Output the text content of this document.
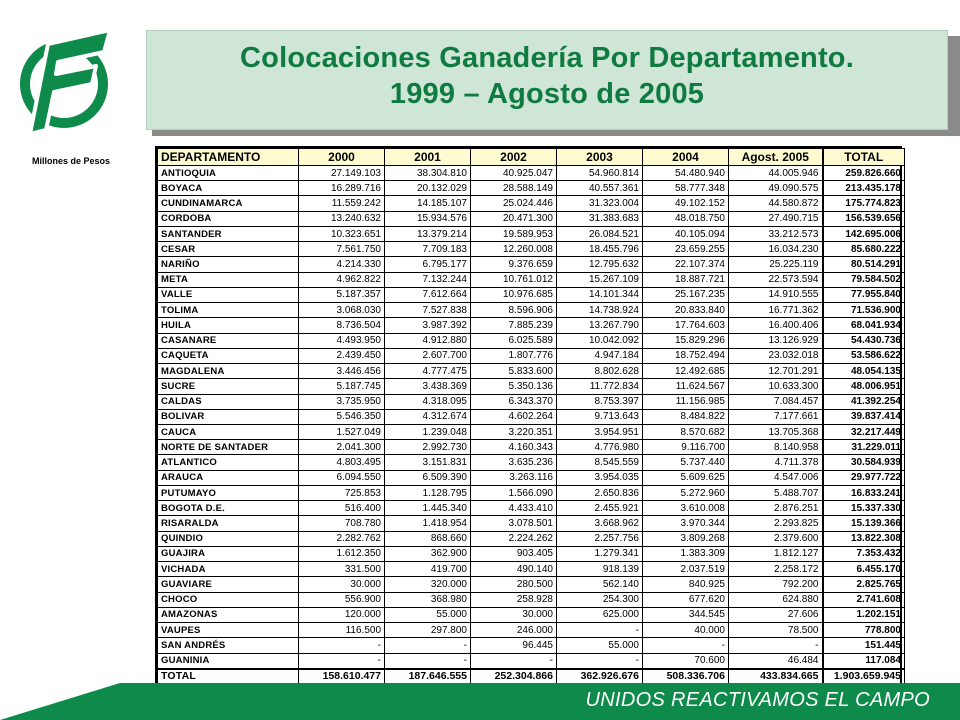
Millones de Pesos
Colocaciones Ganadería Por Departamento.
1999 – Agosto de 2005
DEPARTAMENTO	2000	2001	2002	2003	2004	Agost. 2005	TOTAL
ANTIOQUIA	27.149.103	38.304.810	40.925.047	54.960.814	54.480.940	44.005.946	259.826.660
BOYACA	16.289.716	20.132.029	28.588.149	40.557.361	58.777.348	49.090.575	213.435.178
CUNDINAMARCA	11.559.242	14.185.107	25.024.446	31.323.004	49.102.152	44.580.872	175.774.823
CORDOBA	13.240.632	15.934.576	20.471.300	31.383.683	48.018.750	27.490.715	156.539.656
SANTANDER	10.323.651	13.379.214	19.589.953	26.084.521	40.105.094	33.212.573	142.695.006
CESAR	7.561.750	7.709.183	12.260.008	18.455.796	23.659.255	16.034.230	85.680.222
NARIÑO	4.214.330	6.795.177	9.376.659	12.795.632	22.107.374	25.225.119	80.514.291
META	4.962.822	7.132.244	10.761.012	15.267.109	18.887.721	22.573.594	79.584.502
VALLE	5.187.357	7.612.664	10.976.685	14.101.344	25.167.235	14.910.555	77.955.840
TOLIMA	3.068.030	7.527.838	8.596.906	14.738.924	20.833.840	16.771.362	71.536.900
HUILA	8.736.504	3.987.392	7.885.239	13.267.790	17.764.603	16.400.406	68.041.934
CASANARE	4.493.950	4.912.880	6.025.589	10.042.092	15.829.296	13.126.929	54.430.736
CAQUETA	2.439.450	2.607.700	1.807.776	4.947.184	18.752.494	23.032.018	53.586.622
MAGDALENA	3.446.456	4.777.475	5.833.600	8.802.628	12.492.685	12.701.291	48.054.135
SUCRE	5.187.745	3.438.369	5.350.136	11.772.834	11.624.567	10.633.300	48.006.951
CALDAS	3.735.950	4.318.095	6.343.370	8.753.397	11.156.985	7.084.457	41.392.254
BOLIVAR	5.546.350	4.312.674	4.602.264	9.713.643	8.484.822	7.177.661	39.837.414
CAUCA	1.527.049	1.239.048	3.220.351	3.954.951	8.570.682	13.705.368	32.217.449
NORTE DE SANTADER	2.041.300	2.992.730	4.160.343	4.776.980	9.116.700	8.140.958	31.229.011
ATLANTICO	4.803.495	3.151.831	3.635.236	8.545.559	5.737.440	4.711.378	30.584.939
ARAUCA	6.094.550	6.509.390	3.263.116	3.954.035	5.609.625	4.547.006	29.977.722
PUTUMAYO	725.853	1.128.795	1.566.090	2.650.836	5.272.960	5.488.707	16.833.241
BOGOTA D.E.	516.400	1.445.340	4.433.410	2.455.921	3.610.008	2.876.251	15.337.330
RISARALDA	708.780	1.418.954	3.078.501	3.668.962	3.970.344	2.293.825	15.139.366
QUINDIO	2.282.762	868.660	2.224.262	2.257.756	3.809.268	2.379.600	13.822.308
GUAJIRA	1.612.350	362.900	903.405	1.279.341	1.383.309	1.812.127	7.353.432
VICHADA	331.500	419.700	490.140	918.139	2.037.519	2.258.172	6.455.170
GUAVIARE	30.000	320.000	280.500	562.140	840.925	792.200	2.825.765
CHOCO	556.900	368.980	258.928	254.300	677.620	624.880	2.741.608
AMAZONAS	120.000	55.000	30.000	625.000	344.545	27.606	1.202.151
VAUPES	116.500	297.800	246.000	-	40.000	78.500	778.800
SAN ANDRÉS	-	-	96.445	55.000	-	-	151.445
GUANINIA	-	-	-	-	70.600	46.484	117.084
TOTAL	158.610.477	187.646.555	252.304.866	362.926.676	508.336.706	433.834.665	1.903.659.945
UNIDOS REACTIVAMOS EL CAMPO
